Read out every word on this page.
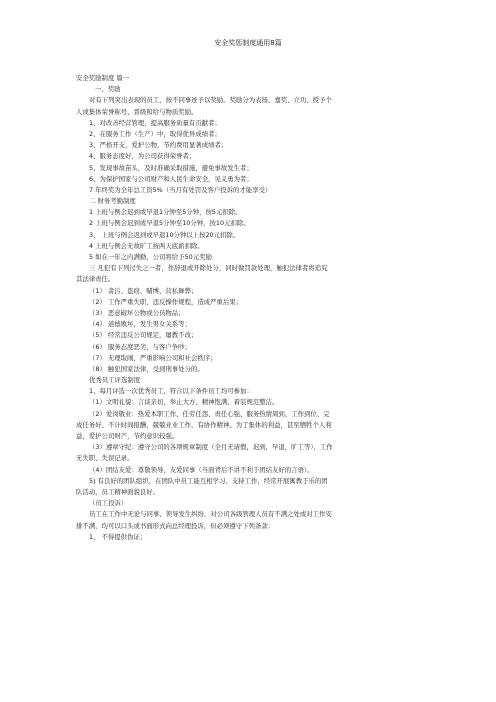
安全奖惩制度通用8篇
安全奖励制度 篇一
一、奖励
对有下列突出表现的员工，按不同事迹予以奖励。奖励分为表扬、嘉奖、立功、授予个
人或集体荣誉称号、晋级和给与物质奖励。
1、对改善经营管理，提高服务质量有贡献者；
2、在服务工作（生产）中，取得优异成绩者；
3、严格开支，爱护公物，节约费用显著成绩者；
4、服务态度好，为公司获得荣誉者；
5、发现事故苗头，及时准确采取措施，避免事故发生者；
6、为保护国家与公司财产和人民生命安全，见义勇为者；
7 年终奖为全年总工资5%（当月有处罚及客户投诉的才能享受）
二 财务考勤制度
1 上班与例会迟到或早退1分钟至5分钟，按5元扣除。
2 上班与例会迟到或早退5分钟至10分钟，按10元扣除。
3、 上班与例会迟到或早退10分钟以上按20元扣除。
4 上班与例会无故旷工按两天底薪扣除。
5 如在一年之内满勤，公司将给予50元奖励
三 凡犯有下列过失之一者，作辞退或开除处分，同时做罚款处理，触犯法律者将追究
其法律责任。
（1） 贪污、盗窃、赌博、营私舞弊；
（2） 工作严重失职，违反操作规程，造成严重后果；
（3） 恶意破坏公物或公员物品；
（4） 道德败坏，发生男女关系等；
（5） 经常违反公司规定，屡教不改；
（6） 服务态度恶劣，与客户争吵；
（7） 无理取闹，严重影响公司和社会秩序；
（8） 触犯国家法律，受到刑事处分的。
优秀员工评选制度
1、每月评选一次优秀员工，符合以下条件员工均可参加：
（1）文明礼貌：言谈亲切、举止大方、精神饱满、着装规范整洁。
（2）爱岗敬业：热爱本职工作、任劳任怨、责任心强、服务热情周到、工作到位、完
成任务好、不计时间报酬，兢兢业业工作，有协作精神。为了集体的利益，甚至牺牲个人利
益，爱护公司财产，节约意识较强。
（3）遵章守纪：遵守公司的各项规章制度（全月无请假，迟到，早退，旷工等），工作
无失职、失误记录。
（4）团结友爱：尊敬领导、友爱同事（当面背后不讲不利于团结友好的言语）。
5) 有良好的团队组织，在团队中员工能互相学习、支持工作，经常开展寓教于乐的团
队活动，员工精神面貌良好。
（员工投诉）
员工在工作中无论与同事、领导发生纠纷，对公司各级管理人员有不满之处或对工作安
排不满，均可以口头或书面形式向总经理投诉，但必须遵守下列条款：
1、 不得提供伪证；
